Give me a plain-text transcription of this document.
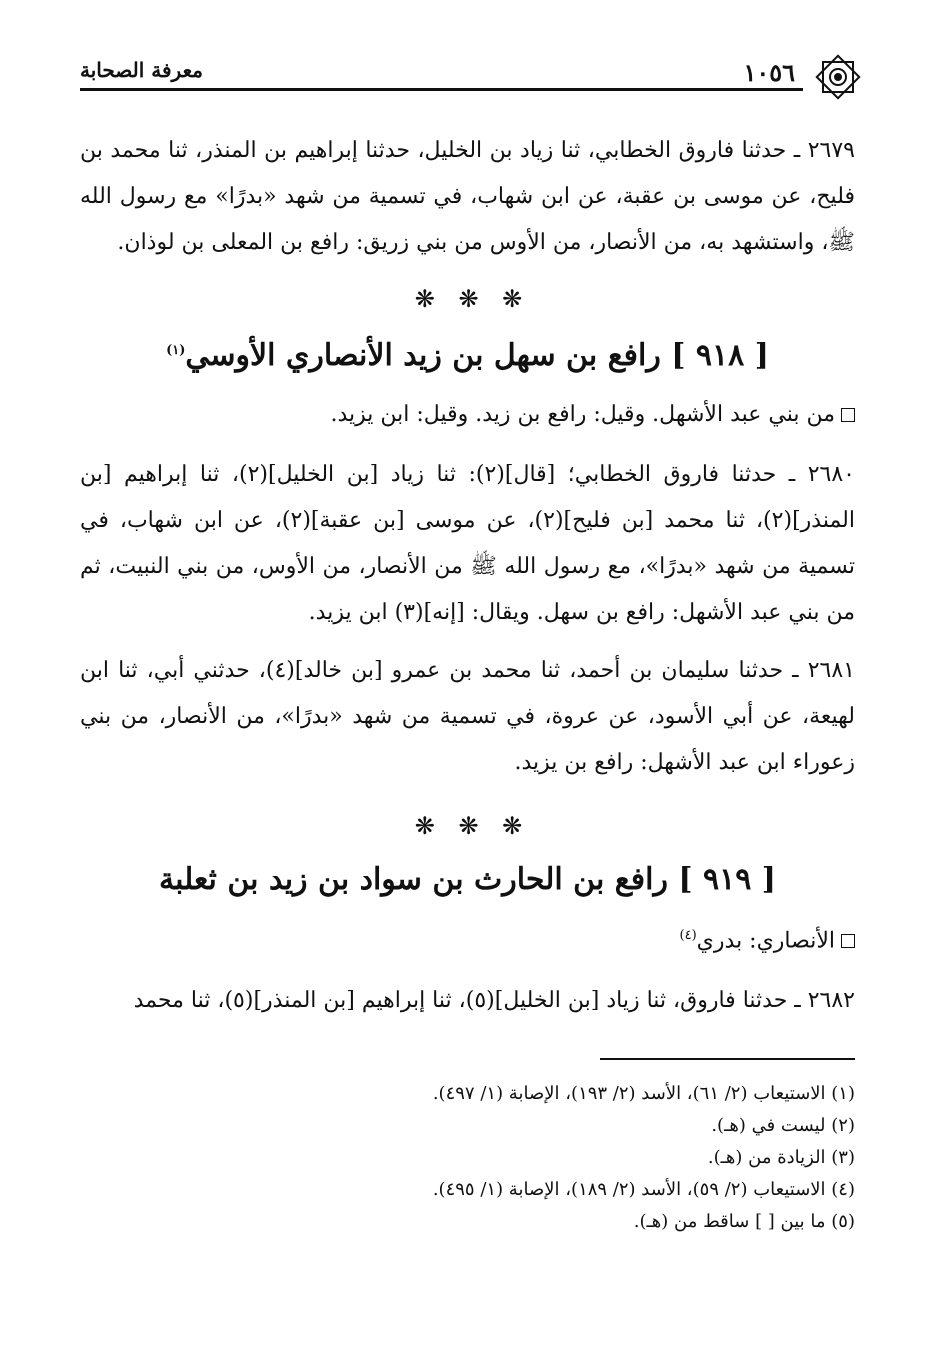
١٠٥٦
معرفة الصحابة
٢٦٧٩ ـ حدثنا فاروق الخطابي، ثنا زياد بن الخليل، حدثنا إبراهيم بن المنذر، ثنا محمد بن فليح، عن موسى بن عقبة، عن ابن شهاب، في تسمية من شهد «بدرًا» مع رسول الله ﷺ، واستشهد به، من الأنصار، من الأوس من بني زريق: رافع بن المعلى بن لوذان.
❋ ❋ ❋
[ ٩١٨ ] رافع بن سهل بن زيد الأنصاري الأوسي$^{(١)}$
من بني عبد الأشهل. وقيل: رافع بن زيد. وقيل: ابن يزيد.
٢٦٨٠ ـ حدثنا فاروق الخطابي؛ [قال](٢): ثنا زياد [بن الخليل](٢)، ثنا إبراهيم [بن المنذر](٢)، ثنا محمد [بن فليح](٢)، عن موسى [بن عقبة](٢)، عن ابن شهاب، في تسمية من شهد «بدرًا»، مع رسول الله ﷺ من الأنصار، من الأوس، من بني النبيت، ثم من بني عبد الأشهل: رافع بن سهل. ويقال: [إنه](٣) ابن يزيد.
٢٦٨١ ـ حدثنا سليمان بن أحمد، ثنا محمد بن عمرو [بن خالد](٤)، حدثني أبي، ثنا ابن لهيعة، عن أبي الأسود، عن عروة، في تسمية من شهد «بدرًا»، من الأنصار، من بني زعوراء ابن عبد الأشهل: رافع بن يزيد.
❋ ❋ ❋
[ ٩١٩ ] رافع بن الحارث بن سواد بن زيد بن ثعلبة
الأنصاري: بدري$^{(٤)}$
٢٦٨٢ ـ حدثنا فاروق، ثنا زياد [بن الخليل](٥)، ثنا إبراهيم [بن المنذر](٥)، ثنا محمد
(١) الاستيعاب (٢/ ٦١)، الأسد (٢/ ١٩٣)، الإصابة (١/ ٤٩٧).
(٢) ليست في (هـ).
(٣) الزيادة من (هـ).
(٤) الاستيعاب (٢/ ٥٩)، الأسد (٢/ ١٨٩)، الإصابة (١/ ٤٩٥).
(٥) ما بين [ ] ساقط من (هـ).
